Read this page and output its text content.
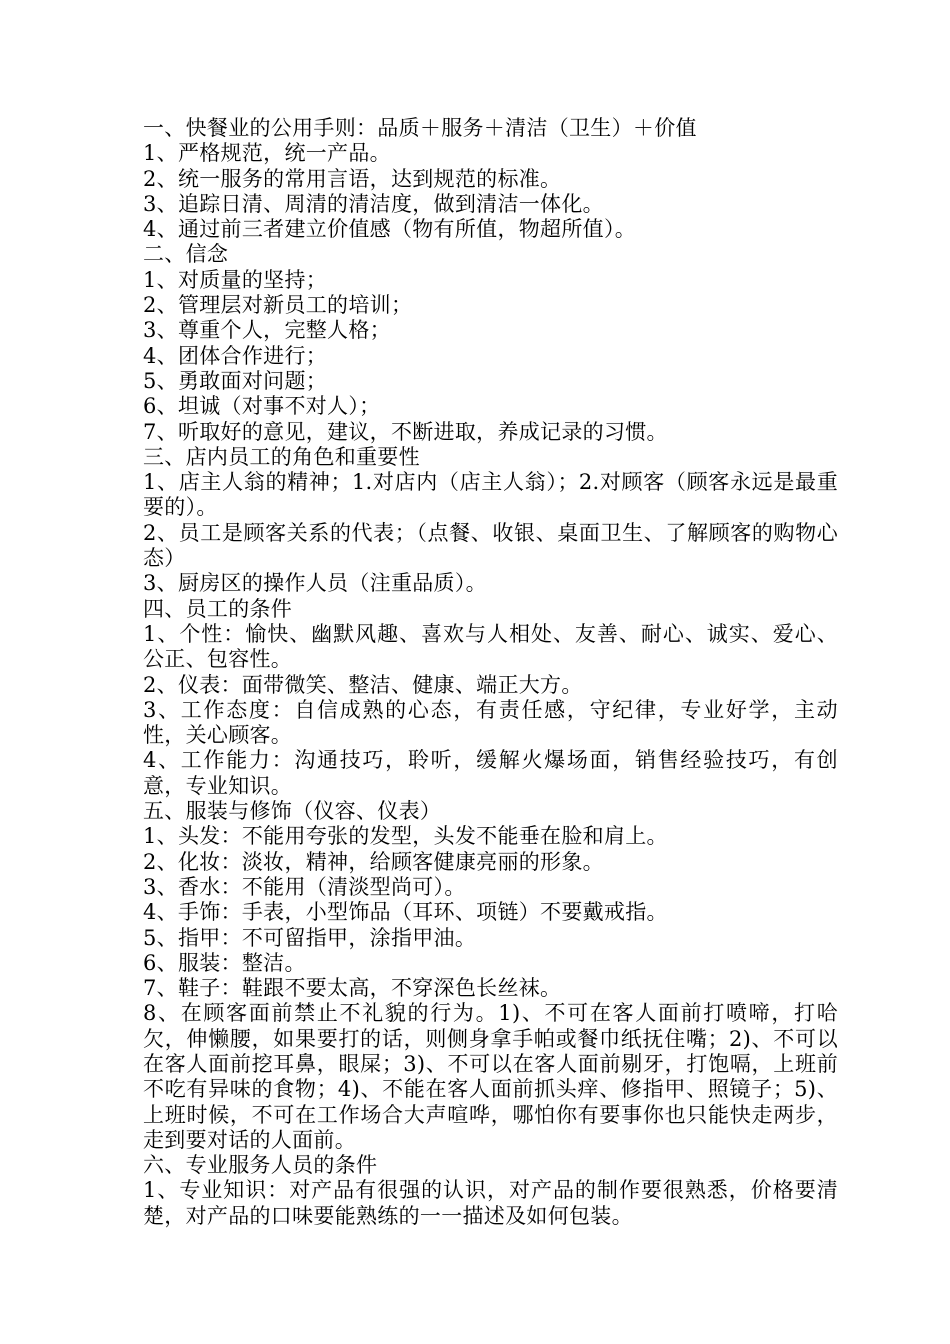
一、快餐业的公用手则：品质＋服务＋清洁（卫生）＋价值

1、严格规范，统一产品。

2、统一服务的常用言语，达到规范的标准。

3、追踪日清、周清的清洁度，做到清洁一体化。

4、通过前三者建立价值感（物有所值，物超所值）。

二、信念

1、对质量的坚持；

2、管理层对新员工的培训；

3、尊重个人，完整人格；

4、团体合作进行；

5、勇敢面对问题；

6、坦诚（对事不对人）；

7、听取好的意见，建议，不断进取，养成记录的习惯。

三、店内员工的角色和重要性

1、店主人翁的精神；1.对店内（店主人翁）；2.对顾客（顾客永远是最重要的）。

2、员工是顾客关系的代表；（点餐、收银、桌面卫生、了解顾客的购物心态）

3、厨房区的操作人员（注重品质）。

四、员工的条件

1、个性：愉快、幽默风趣、喜欢与人相处、友善、耐心、诚实、爱心、公正、包容性。

2、仪表：面带微笑、整洁、健康、端正大方。

3、工作态度：自信成熟的心态，有责任感，守纪律，专业好学，主动性，关心顾客。

4、工作能力：沟通技巧，聆听，缓解火爆场面，销售经验技巧，有创意，专业知识。

五、服装与修饰（仪容、仪表）

1、头发：不能用夸张的发型，头发不能垂在脸和肩上。

2、化妆：淡妆，精神，给顾客健康亮丽的形象。

3、香水：不能用（清淡型尚可）。

4、手饰：手表，小型饰品（耳环、项链）不要戴戒指。

5、指甲：不可留指甲，涂指甲油。

6、服装：整洁。

7、鞋子：鞋跟不要太高，不穿深色长丝袜。

8、在顾客面前禁止不礼貌的行为。1)、不可在客人面前打喷啼，打哈欠，伸懒腰，如果要打的话，则侧身拿手帕或餐巾纸抚住嘴；2)、不可以在客人面前挖耳鼻，眼屎；3)、不可以在客人面前剔牙，打饱嗝，上班前不吃有异味的食物；4)、不能在客人面前抓头痒、修指甲、照镜子；5)、上班时候，不可在工作场合大声喧哗，哪怕你有要事你也只能快走两步，走到要对话的人面前。

六、专业服务人员的条件

1、专业知识：对产品有很强的认识，对产品的制作要很熟悉，价格要清楚，对产品的口味要能熟练的一一描述及如何包装。
